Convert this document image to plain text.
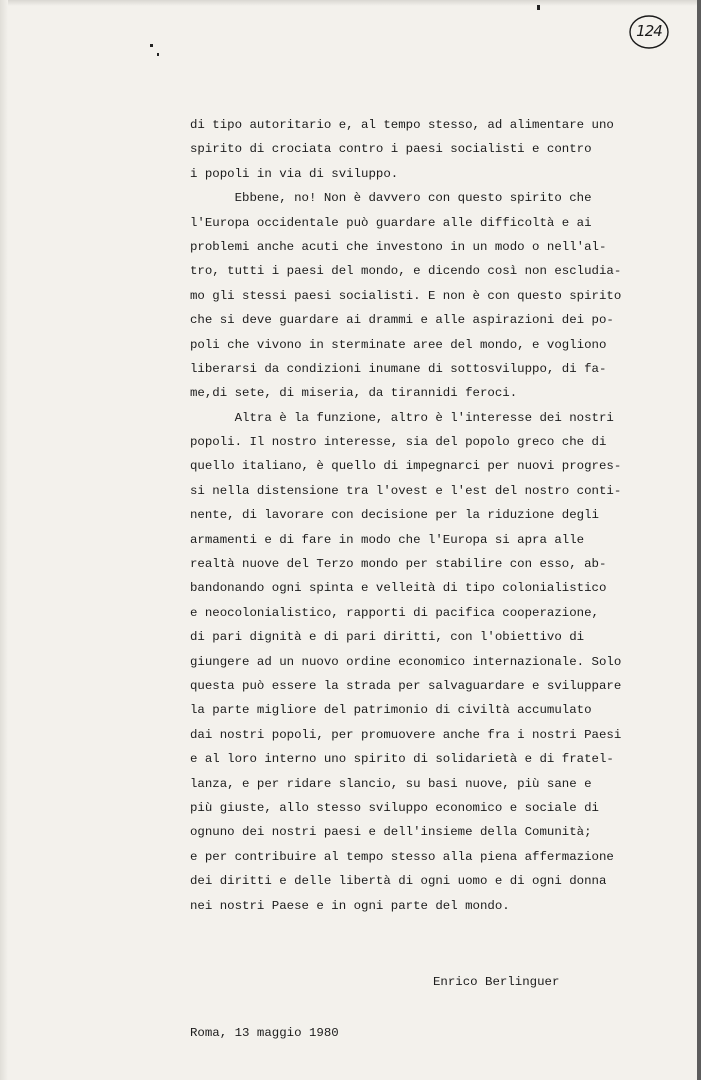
124
di tipo autoritario e, al tempo stesso, ad alimentare uno
spirito di crociata contro i paesi socialisti e contro
i popoli in via di sviluppo.
Ebbene, no! Non è davvero con questo spirito che
l'Europa occidentale può guardare alle difficoltà e ai
problemi anche acuti che investono in un modo o nell'al-
tro, tutti i paesi del mondo, e dicendo così non escludia-
mo gli stessi paesi socialisti. E non è con questo spirito
che si deve guardare ai drammi e alle aspirazioni dei po-
poli che vivono in sterminate aree del mondo, e vogliono
liberarsi da condizioni inumane di sottosviluppo, di fa-
me,di sete, di miseria, da tirannidi feroci.
Altra è la funzione, altro è l'interesse dei nostri
popoli. Il nostro interesse, sia del popolo greco che di
quello italiano, è quello di impegnarci per nuovi progres-
si nella distensione tra l'ovest e l'est del nostro conti-
nente, di lavorare con decisione per la riduzione degli
armamenti e di fare in modo che l'Europa si apra alle
realtà nuove del Terzo mondo per stabilire con esso, ab-
bandonando ogni spinta e velleità di tipo colonialistico
e neocolonialistico, rapporti di pacifica cooperazione,
di pari dignità e di pari diritti, con l'obiettivo di
giungere ad un nuovo ordine economico internazionale. Solo
questa può essere la strada per salvaguardare e sviluppare
la parte migliore del patrimonio di civiltà accumulato
dai nostri popoli, per promuovere anche fra i nostri Paesi
e al loro interno uno spirito di solidarietà e di fratel-
lanza, e per ridare slancio, su basi nuove, più sane e
più giuste, allo stesso sviluppo economico e sociale di
ognuno dei nostri paesi e dell'insieme della Comunità;
e per contribuire al tempo stesso alla piena affermazione
dei diritti e delle libertà di ogni uomo e di ogni donna
nei nostri Paese e in ogni parte del mondo.
Enrico Berlinguer
Roma, 13 maggio 1980
